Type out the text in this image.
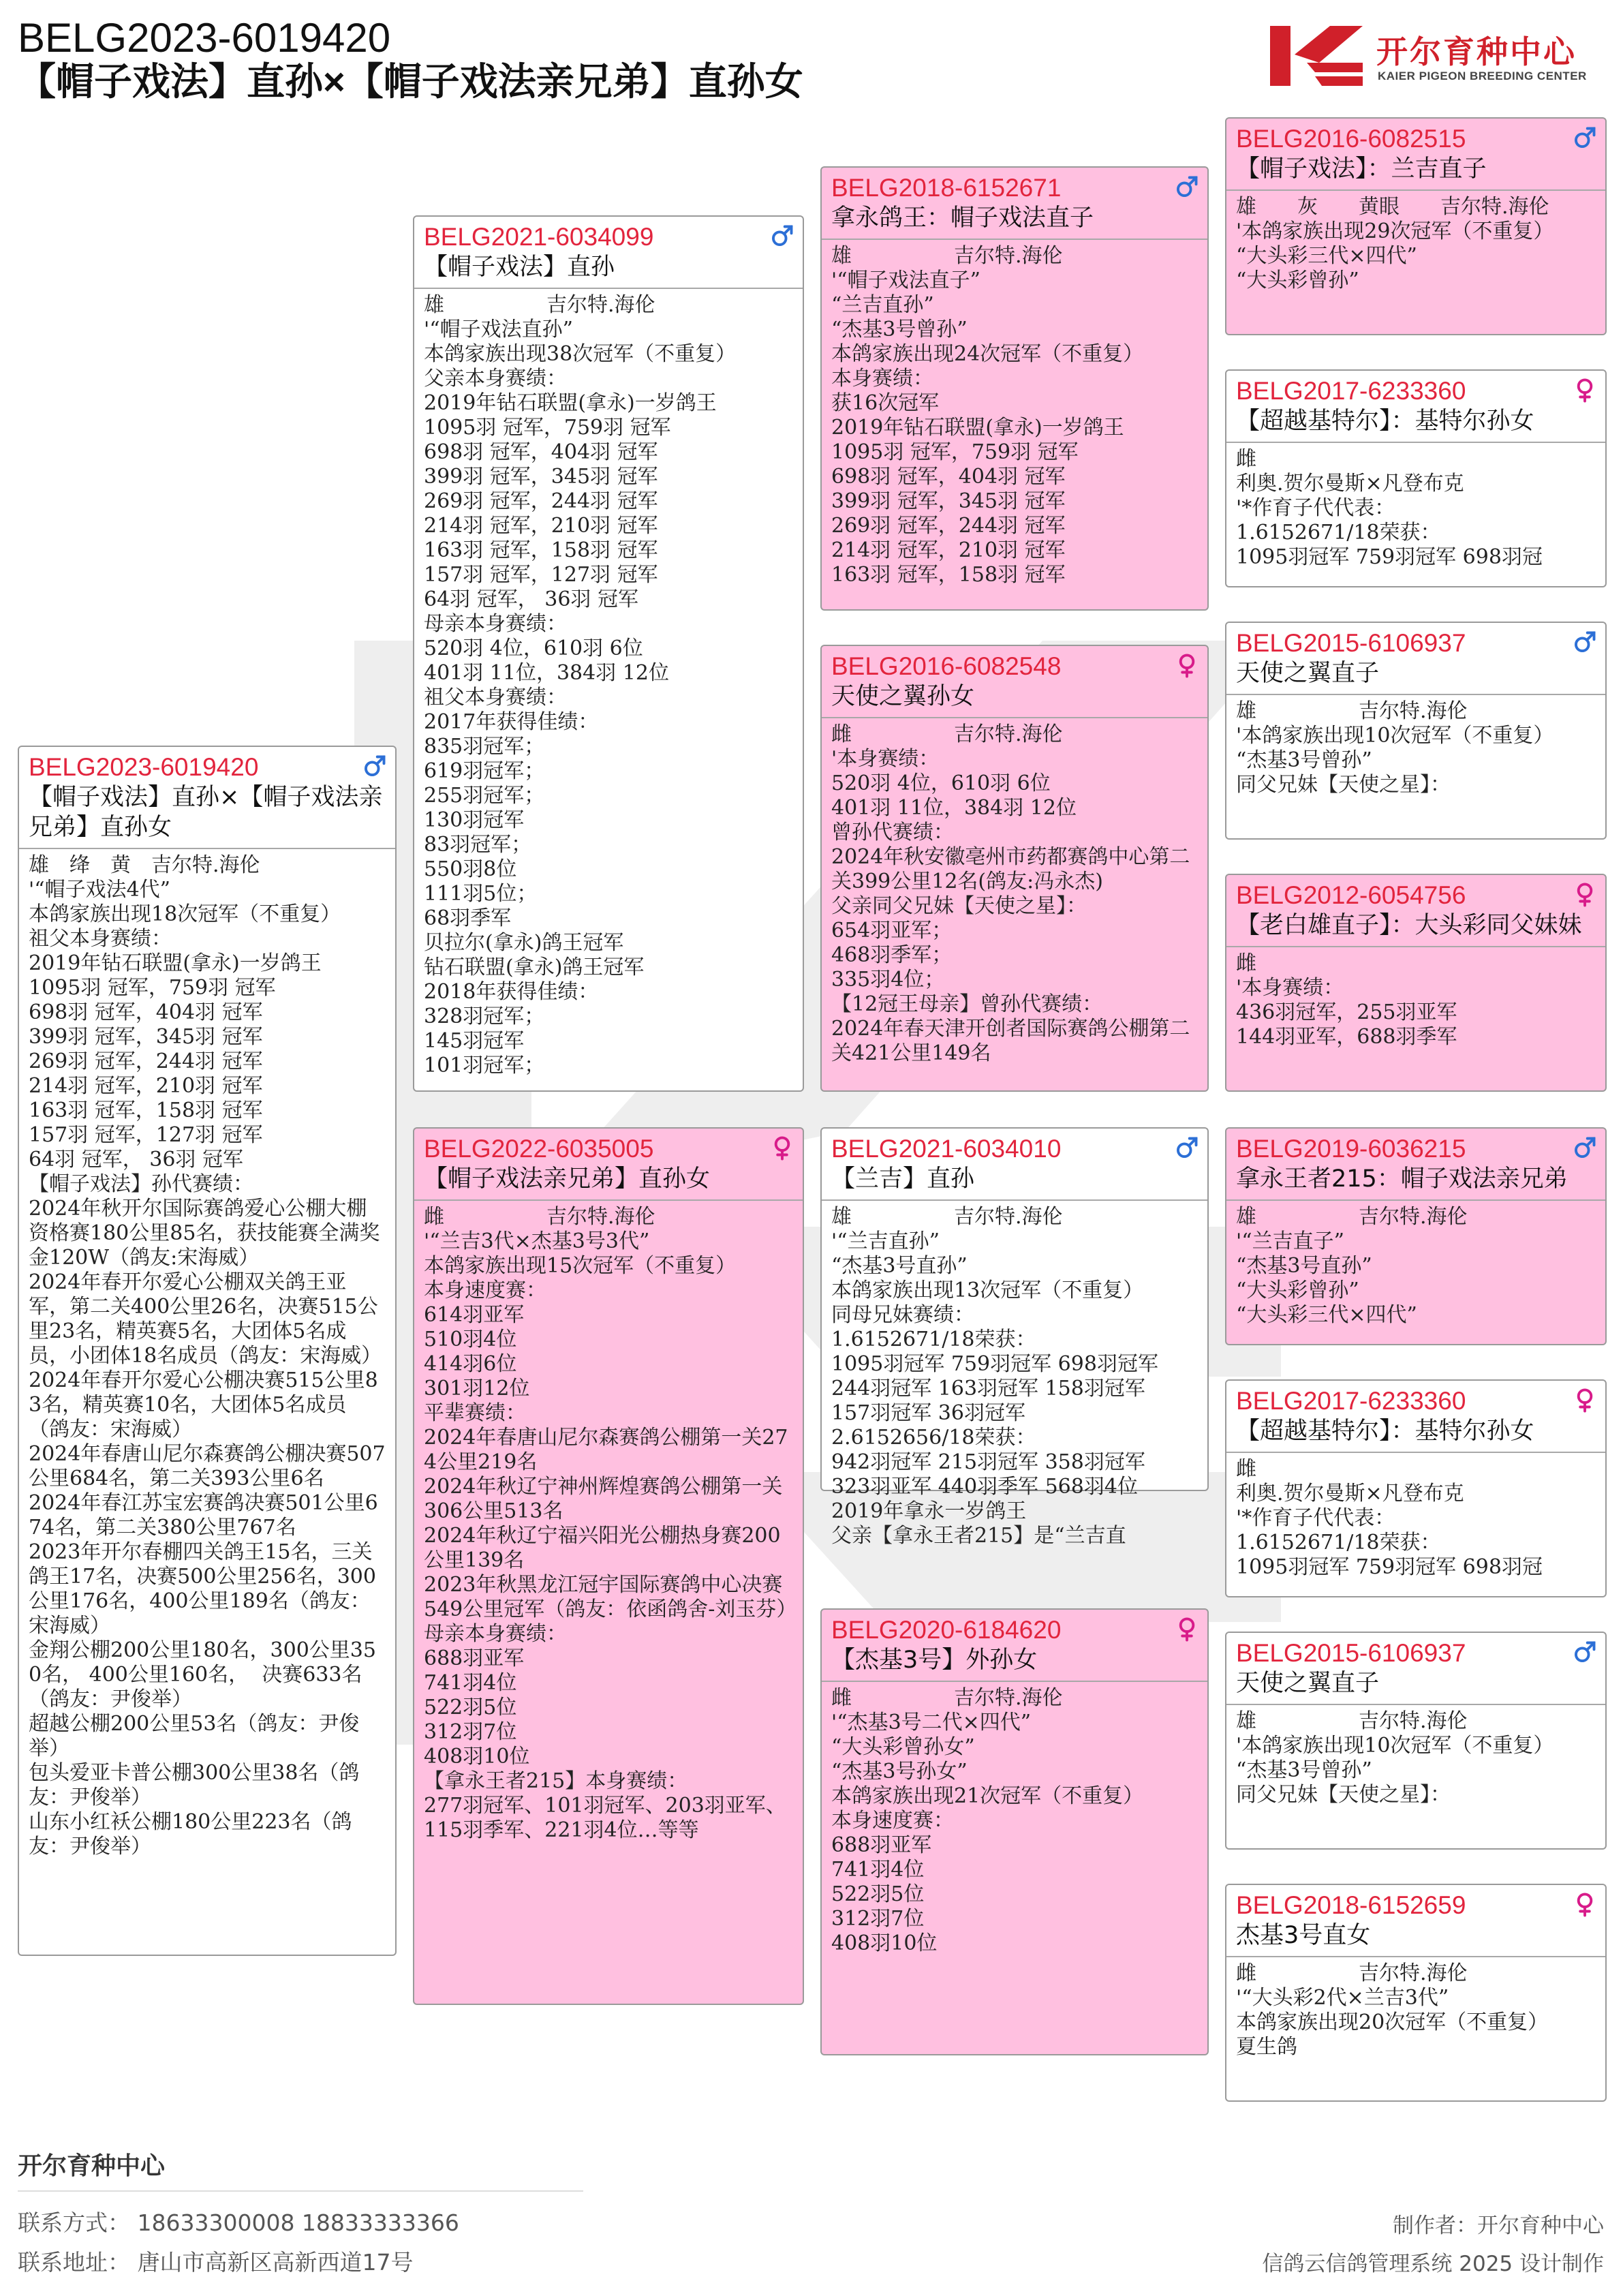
BELG2023-6019420
【帽子戏法】直孙×【帽子戏法亲兄弟】直孙女
开尔育种中心
KAIER PIGEON BREEDING CENTER
BELG2023-6019420
【帽子戏法】直孙×【帽子戏法亲兄弟】直孙女
雄　绛　黄　吉尔特.海伦
'“帽子戏法4代”
本鸽家族出现18次冠军（不重复）
祖父本身赛绩：
2019年钻石联盟(拿永)一岁鸽王
1095羽 冠军，759羽 冠军
698羽 冠军，404羽 冠军
399羽 冠军，345羽 冠军
269羽 冠军，244羽 冠军
214羽 冠军，210羽 冠军
163羽 冠军，158羽 冠军
157羽 冠军，127羽 冠军
64羽 冠军， 36羽 冠军
【帽子戏法】孙代赛绩：
2024年秋开尔国际赛鸽爱心公棚大棚资格赛180公里85名，获技能赛全满奖金120W（鸽友:宋海威）
2024年春开尔爱心公棚双关鸽王亚军，第二关400公里26名，决赛515公里23名，精英赛5名，大团体5名成员，小团体18名成员（鸽友：宋海威）
2024年春开尔爱心公棚决赛515公里83名，精英赛10名，大团体5名成员（鸽友：宋海威）
2024年春唐山尼尔森赛鸽公棚决赛507公里684名，第二关393公里6名
2024年春江苏宝宏赛鸽决赛501公里674名，第二关380公里767名
2023年开尔春棚四关鸽王15名，三关鸽王17名，决赛500公里256名，300公里176名，400公里189名（鸽友：宋海威）
金翔公棚200公里180名，300公里350名， 400公里160名，  决赛633名 （鸽友：尹俊举）
超越公棚200公里53名（鸽友：尹俊举）
包头爱亚卡普公棚300公里38名（鸽友：尹俊举）
山东小红袄公棚180公里223名（鸽友：尹俊举）
BELG2021-6034099
【帽子戏法】直孙
雄　　　　　吉尔特.海伦
'“帽子戏法直孙”
本鸽家族出现38次冠军（不重复）
父亲本身赛绩：
2019年钻石联盟(拿永)一岁鸽王
1095羽 冠军，759羽 冠军
698羽 冠军，404羽 冠军
399羽 冠军，345羽 冠军
269羽 冠军，244羽 冠军
214羽 冠军，210羽 冠军
163羽 冠军，158羽 冠军
157羽 冠军，127羽 冠军
64羽 冠军， 36羽 冠军
母亲本身赛绩：
520羽 4位，610羽 6位
401羽 11位，384羽 12位
祖父本身赛绩：
2017年获得佳绩：
835羽冠军；
619羽冠军；
255羽冠军；
130羽冠军
83羽冠军；
550羽8位
111羽5位；
68羽季军
贝拉尔(拿永)鸽王冠军
钻石联盟(拿永)鸽王冠军
2018年获得佳绩：
328羽冠军；
145羽冠军
101羽冠军；
BELG2022-6035005
【帽子戏法亲兄弟】直孙女
雌　　　　　吉尔特.海伦
'“兰吉3代×杰基3号3代”
本鸽家族出现15次冠军（不重复）
本身速度赛：
614羽亚军
510羽4位
414羽6位
301羽12位
平辈赛绩：
2024年春唐山尼尔森赛鸽公棚第一关274公里219名
2024年秋辽宁神州辉煌赛鸽公棚第一关306公里513名
2024年秋辽宁福兴阳光公棚热身赛200公里139名
2023年秋黑龙江冠宇国际赛鸽中心决赛549公里冠军（鸽友：依函鸽舍-刘玉芬）
母亲本身赛绩：
688羽亚军
741羽4位
522羽5位
312羽7位
408羽10位
【拿永王者215】本身赛绩：
277羽冠军、101羽冠军、203羽亚军、115羽季军、221羽4位…等等
BELG2018-6152671
拿永鸽王：帽子戏法直子
雄　　　　　吉尔特.海伦
'“帽子戏法直子”
“兰吉直孙”
“杰基3号曾孙”
本鸽家族出现24次冠军（不重复）
本身赛绩：
获16次冠军
2019年钻石联盟(拿永)一岁鸽王
1095羽 冠军，759羽 冠军
698羽 冠军，404羽 冠军
399羽 冠军，345羽 冠军
269羽 冠军，244羽 冠军
214羽 冠军，210羽 冠军
163羽 冠军，158羽 冠军
BELG2016-6082548
天使之翼孙女
雌　　　　　吉尔特.海伦
'本身赛绩：
520羽 4位，610羽 6位
401羽 11位，384羽 12位
曾孙代赛绩：
2024年秋安徽亳州市药都赛鸽中心第二关399公里12名(鸽友:冯永杰)
父亲同父兄妹【天使之星】：
654羽亚军；
468羽季军；
335羽4位；
【12冠王母亲】曾孙代赛绩：
2024年春天津开创者国际赛鸽公棚第二关421公里149名
BELG2021-6034010
【兰吉】直孙
雄　　　　　吉尔特.海伦
'“兰吉直孙”
“杰基3号直孙”
本鸽家族出现13次冠军（不重复）
同母兄妹赛绩：
1.6152671/18荣获：
1095羽冠军 759羽冠军 698羽冠军
244羽冠军 163羽冠军 158羽冠军
157羽冠军 36羽冠军
2.6152656/18荣获：
942羽冠军 215羽冠军 358羽冠军
323羽亚军 440羽季军 568羽4位
2019年拿永一岁鸽王
父亲【拿永王者215】是“兰吉直
BELG2020-6184620
【杰基3号】外孙女
雌　　　　　吉尔特.海伦
'“杰基3号二代×四代”
“大头彩曾孙女”
“杰基3号孙女”
本鸽家族出现21次冠军（不重复）
本身速度赛：
688羽亚军
741羽4位
522羽5位
312羽7位
408羽10位
BELG2016-6082515
【帽子戏法】：兰吉直子
雄　　灰　　黄眼　　吉尔特.海伦
'本鸽家族出现29次冠军（不重复）
“大头彩三代×四代”
“大头彩曾孙”
BELG2017-6233360
【超越基特尔】：基特尔孙女
雌
利奥.贺尔曼斯×凡登布克
'*作育子代代表：
1.6152671/18荣获：
1095羽冠军 759羽冠军 698羽冠
BELG2015-6106937
天使之翼直子
雄　　　　　吉尔特.海伦
'本鸽家族出现10次冠军（不重复）
“杰基3号曾孙”
同父兄妹【天使之星】：
BELG2012-6054756
【老白雄直子】：大头彩同父妹妹
雌
'本身赛绩：
436羽冠军，255羽亚军
144羽亚军，688羽季军
BELG2019-6036215
拿永王者215：帽子戏法亲兄弟
雄　　　　　吉尔特.海伦
'“兰吉直子”
“杰基3号直孙”
“大头彩曾孙”
“大头彩三代×四代”
BELG2017-6233360
【超越基特尔】：基特尔孙女
雌
利奥.贺尔曼斯×凡登布克
'*作育子代代表：
1.6152671/18荣获：
1095羽冠军 759羽冠军 698羽冠
BELG2015-6106937
天使之翼直子
雄　　　　　吉尔特.海伦
'本鸽家族出现10次冠军（不重复）
“杰基3号曾孙”
同父兄妹【天使之星】：
BELG2018-6152659
杰基3号直女
雌　　　　　吉尔特.海伦
'“大头彩2代×兰吉3代”
本鸽家族出现20次冠军（不重复）
夏生鸽
开尔育种中心
联系方式： 18633300008 18833333366
联系地址： 唐山市高新区高新西道17号
制作者：开尔育种中心
信鸽云信鸽管理系统 2025 设计制作
